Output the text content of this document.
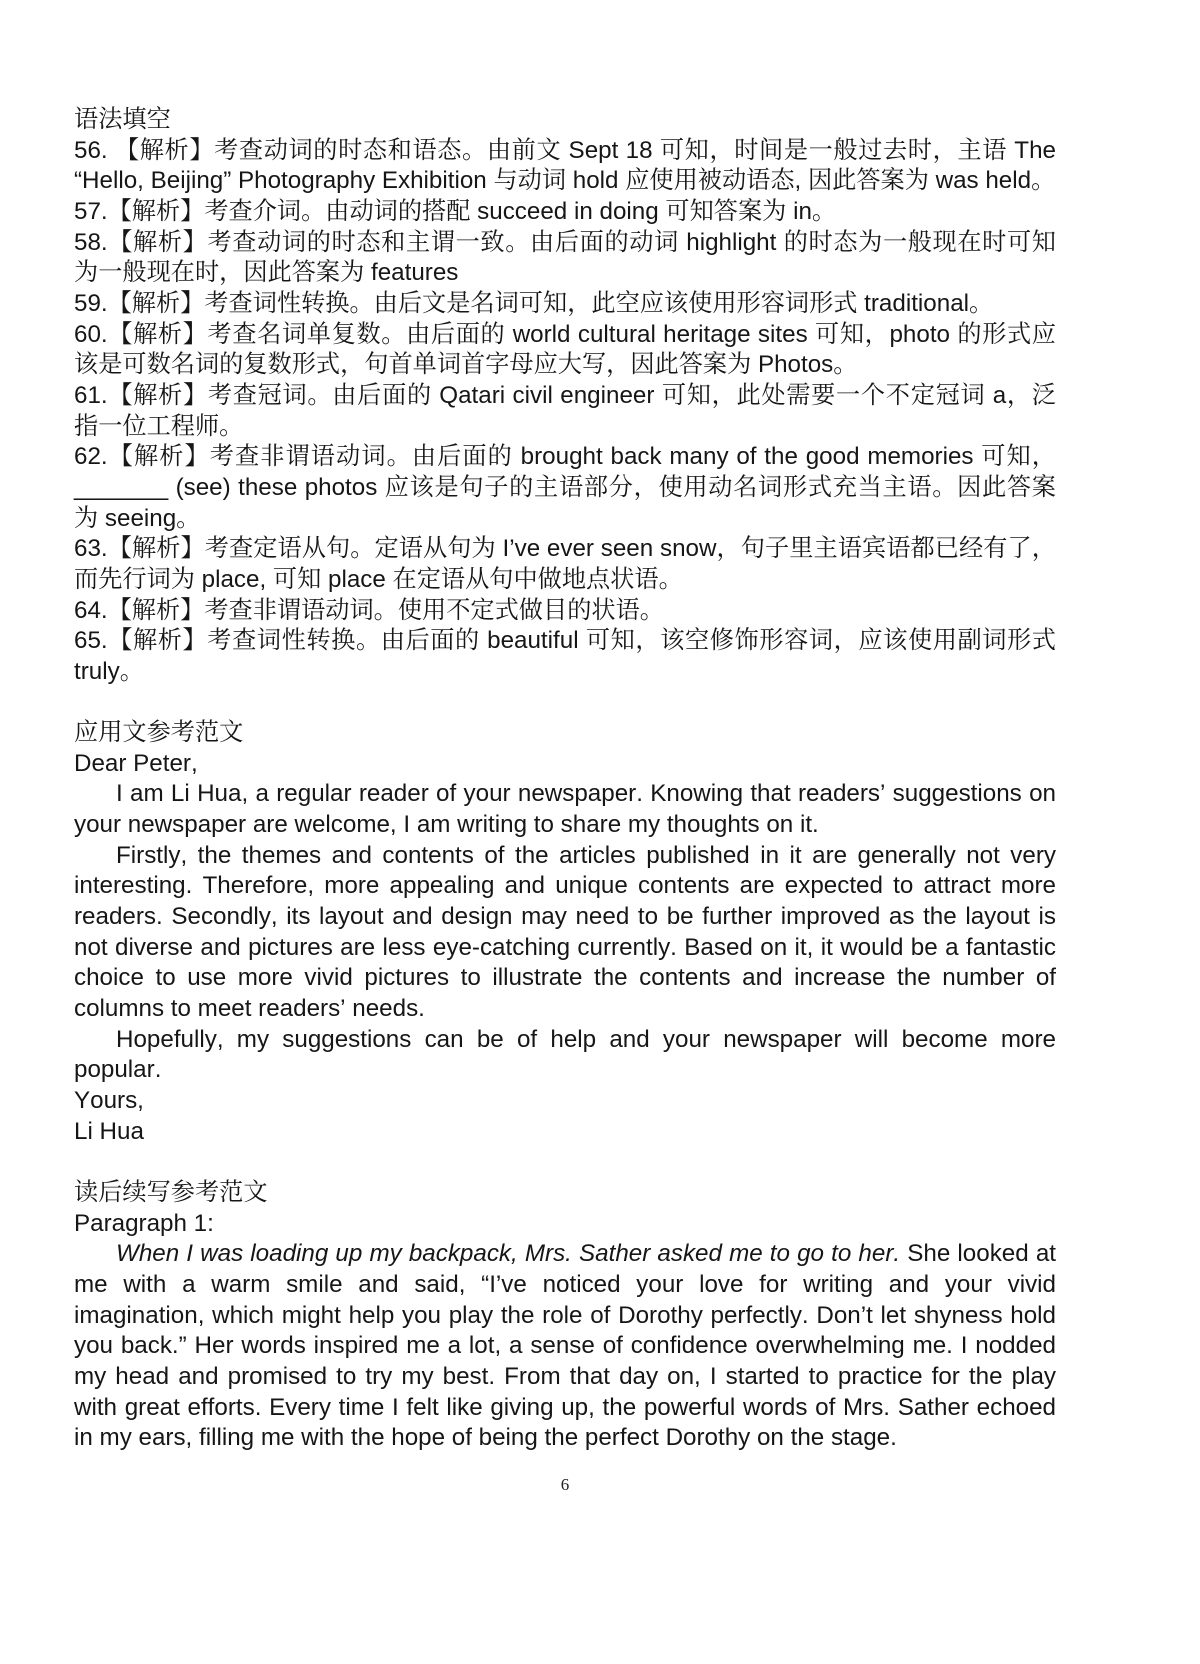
语法填空

56. 【解析】考查动词的时态和语态。由前文 Sept 18 可知，时间是一般过去时，主语 The “Hello, Beijing” Photography Exhibition 与动词 hold 应使用被动语态, 因此答案为 was held。

57.【解析】考查介词。由动词的搭配 succeed in doing 可知答案为 in。

58.【解析】考查动词的时态和主谓一致。由后面的动词 highlight 的时态为一般现在时可知为一般现在时，因此答案为 features

59.【解析】考查词性转换。由后文是名词可知，此空应该使用形容词形式 traditional。

60.【解析】考查名词单复数。由后面的 world cultural heritage sites 可知，photo 的形式应该是可数名词的复数形式，句首单词首字母应大写，因此答案为 Photos。

61.【解析】考查冠词。由后面的 Qatari civil engineer 可知，此处需要一个不定冠词 a，泛指一位工程师。

62.【解析】考查非谓语动词。由后面的 brought back many of the good memories 可知，_______ (see) these photos 应该是句子的主语部分，使用动名词形式充当主语。因此答案为 seeing。

63.【解析】考查定语从句。定语从句为 I’ve ever seen snow，句子里主语宾语都已经有了，而先行词为 place, 可知 place 在定语从句中做地点状语。

64.【解析】考查非谓语动词。使用不定式做目的状语。

65.【解析】考查词性转换。由后面的 beautiful 可知，该空修饰形容词，应该使用副词形式 truly。

应用文参考范文
Dear Peter,

I am Li Hua, a regular reader of your newspaper. Knowing that readers’ suggestions on your newspaper are welcome, I am writing to share my thoughts on it.

Firstly, the themes and contents of the articles published in it are generally not very interesting. Therefore, more appealing and unique contents are expected to attract more readers. Secondly, its layout and design may need to be further improved as the layout is not diverse and pictures are less eye-catching currently. Based on it, it would be a fantastic choice to use more vivid pictures to illustrate the contents and increase the number of columns to meet readers’ needs.

Hopefully, my suggestions can be of help and your newspaper will become more popular.

Yours,
Li Hua
读后续写参考范文
Paragraph 1:

When I was loading up my backpack, Mrs. Sather asked me to go to her. She looked at me with a warm smile and said, “I’ve noticed your love for writing and your vivid imagination, which might help you play the role of Dorothy perfectly. Don’t let shyness hold you back.” Her words inspired me a lot, a sense of confidence overwhelming me. I nodded my head and promised to try my best. From that day on, I started to practice for the play with great efforts. Every time I felt like giving up, the powerful words of Mrs. Sather echoed in my ears, filling me with the hope of being the perfect Dorothy on the stage.

6
